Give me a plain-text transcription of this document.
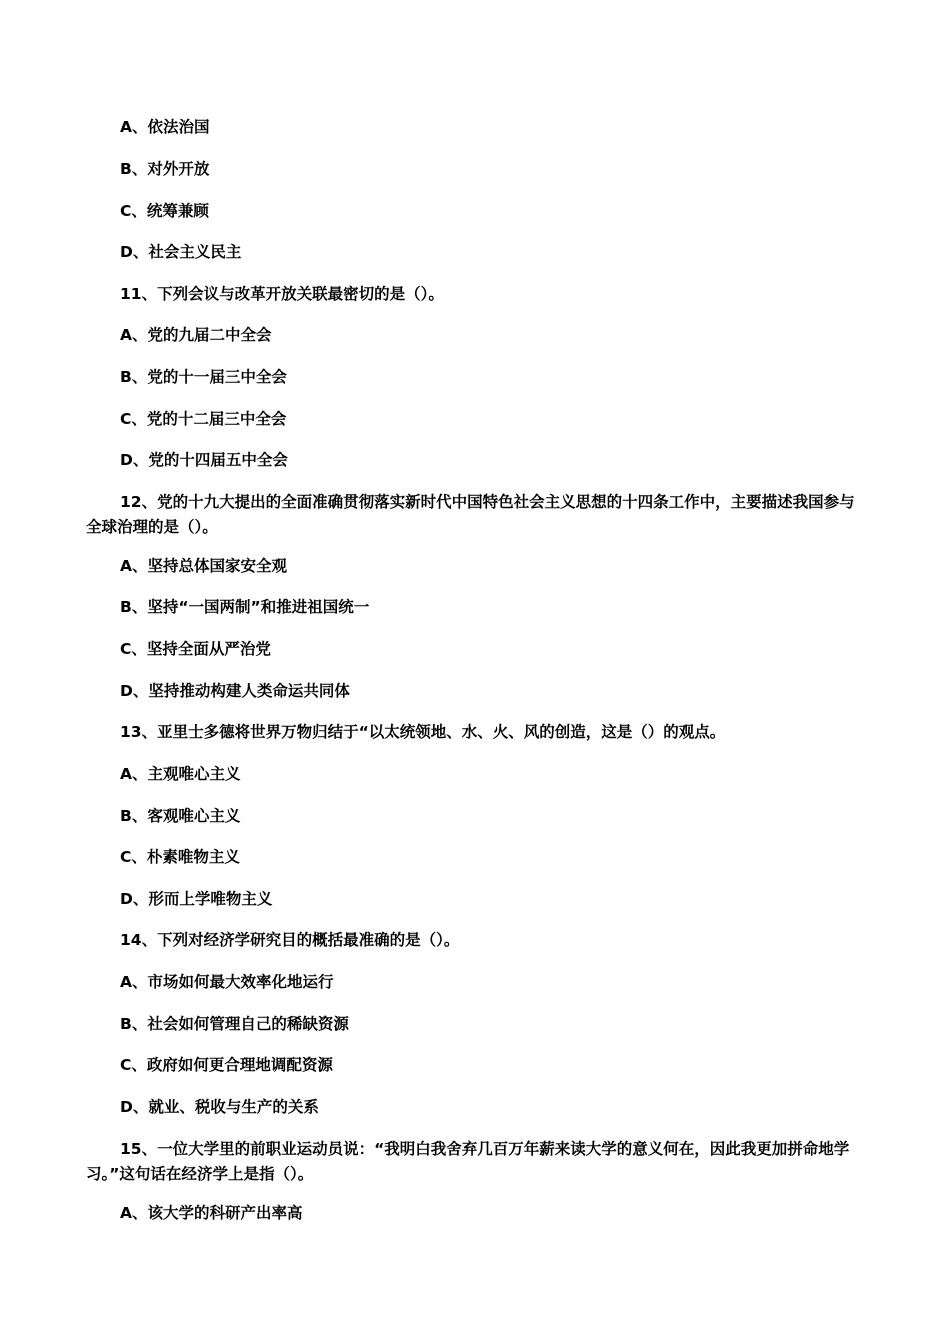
A、依法治国
B、对外开放
C、统筹兼顾
D、社会主义民主
11、下列会议与改革开放关联最密切的是（）。
A、党的九届二中全会
B、党的十一届三中全会
C、党的十二届三中全会
D、党的十四届五中全会
12、党的十九大提出的全面准确贯彻落实新时代中国特色社会主义思想的十四条工作中，主要描述我国参与全球治理的是（）。
A、坚持总体国家安全观
B、坚持“一国两制”和推进祖国统一
C、坚持全面从严治党
D、坚持推动构建人类命运共同体
13、亚里士多德将世界万物归结于“以太统领地、水、火、风的创造，这是（）的观点。
A、主观唯心主义
B、客观唯心主义
C、朴素唯物主义
D、形而上学唯物主义
14、下列对经济学研究目的概括最准确的是（）。
A、市场如何最大效率化地运行
B、社会如何管理自己的稀缺资源
C、政府如何更合理地调配资源
D、就业、税收与生产的关系
15、一位大学里的前职业运动员说：“我明白我舍弃几百万年薪来读大学的意义何在，因此我更加拼命地学习。”这句话在经济学上是指（）。
A、该大学的科研产出率高
